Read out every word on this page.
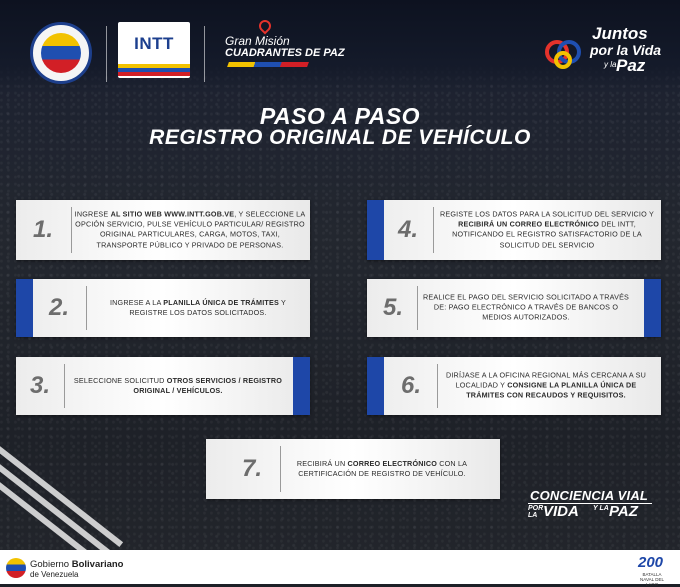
INTT	Gran Misión
CUADRANTES DE PAZ
Juntos
por la Vida
y la Paz
PASO A PASO
REGISTRO ORIGINAL DE VEHÍCULO
1.
INGRESE AL SITIO WEB WWW.INTT.GOB.VE, Y SELECCIONE LA OPCIÓN SERVICIO, PULSE VEHÍCULO PARTICULAR/ REGISTRO ORIGINAL PARTICULARES, CARGA, MOTOS, TAXI, TRANSPORTE PÚBLICO Y PRIVADO DE PERSONAS.
4.
REGISTE LOS DATOS PARA LA SOLICITUD DEL SERVICIO Y RECIBIRÁ UN CORREO ELECTRÓNICO DEL INTT, NOTIFICANDO EL REGISTRO SATISFACTORIO DE LA SOLICITUD DEL SERVICIO
2.	INGRESE A LA PLANILLA ÚNICA DE TRÁMITES Y REGISTRE LOS DATOS SOLICITADOS.	5.	REALICE EL PAGO DEL SERVICIO SOLICITADO A TRAVÉS DE: PAGO ELECTRÓNICO A TRAVÉS DE BANCOS O MEDIOS AUTORIZADOS.
3.	SELECCIONE SOLICITUD OTROS SERVICIOS / REGISTRO ORIGINAL / VEHÍCULOS.	6.	DIRÍJASE A LA OFICINA REGIONAL MÁS CERCANA A SU LOCALIDAD Y CONSIGNE LA PLANILLA ÚNICA DE TRÁMITES CON RECAUDOS Y REQUISITOS.
7.	RECIBIRÁ UN CORREO ELECTRÓNICO CON LA CERTIFICACIÓN DE REGISTRO DE VEHÍCULO.
CONCIENCIA VIAL
POR LA VIDA Y LA PAZ
Gobierno Bolivariano
de Venezuela
200
BATALLA NAVAL DEL LAGO
